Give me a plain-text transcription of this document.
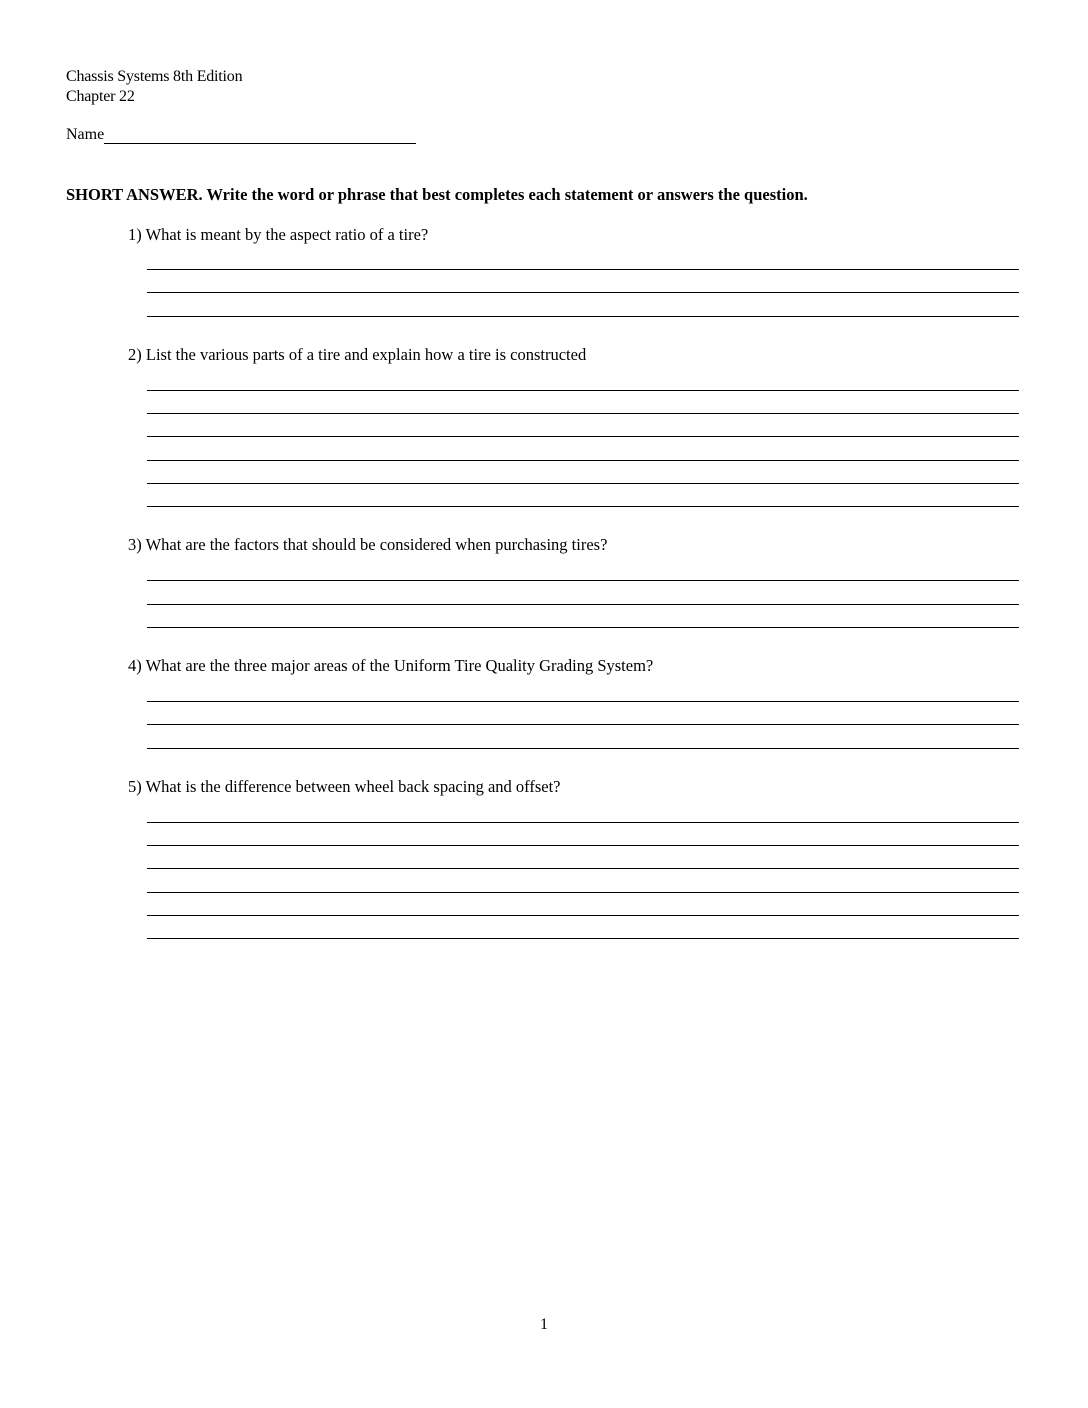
Chassis Systems 8th Edition
Chapter 22
Name
SHORT ANSWER. Write the word or phrase that best completes each statement or answers the question.

1) What is meant by the aspect ratio of a tire?

2) List the various parts of a tire and explain how a tire is constructed

3) What are the factors that should be considered when purchasing tires?

4) What are the three major areas of the Uniform Tire Quality Grading System?

5) What is the difference between wheel back spacing and offset?

1
